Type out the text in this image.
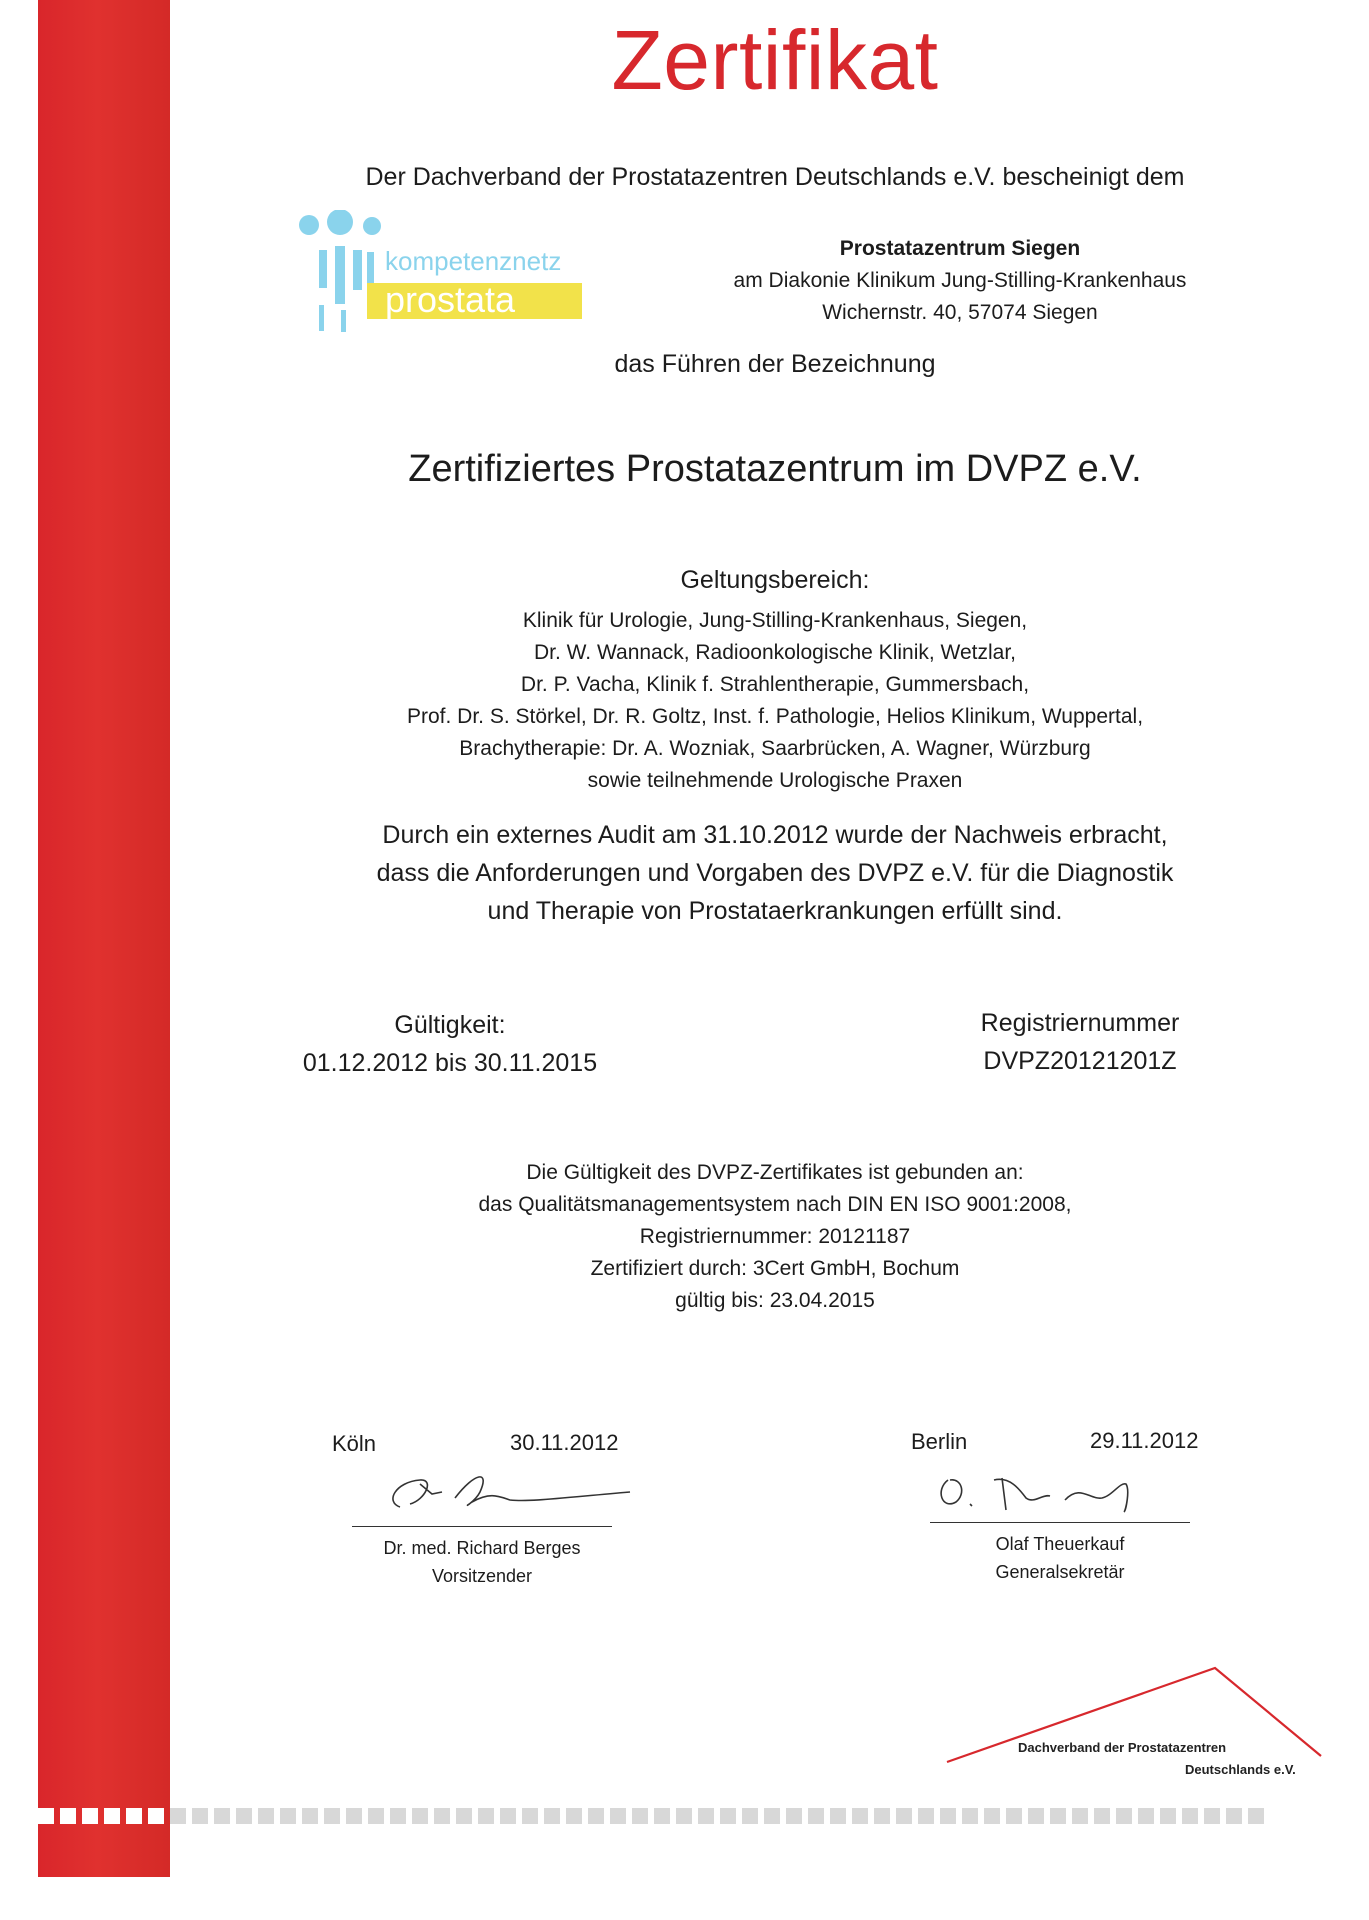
Zertifikat
Der Dachverband der Prostatazentren Deutschlands e.V. bescheinigt dem
kompetenznetz
prostata
Prostatazentrum Siegen
am Diakonie Klinikum Jung-Stilling-Krankenhaus
Wichernstr. 40, 57074 Siegen
das Führen der Bezeichnung
Zertifiziertes Prostatazentrum im DVPZ e.V.
Geltungsbereich:
Klinik für Urologie, Jung-Stilling-Krankenhaus, Siegen,
Dr. W. Wannack, Radioonkologische Klinik, Wetzlar,
Dr. P. Vacha, Klinik f. Strahlentherapie, Gummersbach,
Prof. Dr. S. Störkel, Dr. R. Goltz, Inst. f. Pathologie, Helios Klinikum, Wuppertal,
Brachytherapie: Dr. A. Wozniak, Saarbrücken, A. Wagner, Würzburg
sowie teilnehmende Urologische Praxen
Durch ein externes Audit am 31.10.2012 wurde der Nachweis erbracht,
dass die Anforderungen und Vorgaben des DVPZ e.V. für die Diagnostik
und Therapie von Prostataerkrankungen erfüllt sind.
Gültigkeit:
01.12.2012 bis 30.11.2015
Registriernummer
DVPZ20121201Z
Die Gültigkeit des DVPZ-Zertifikates ist gebunden an:
das Qualitätsmanagementsystem nach DIN EN ISO 9001:2008,
Registriernummer: 20121187
Zertifiziert durch: 3Cert GmbH, Bochum
gültig bis: 23.04.2015
Köln	30.11.2012
Dr. med. Richard Berges
Vorsitzender
Berlin	29.11.2012
Olaf Theuerkauf
Generalsekretär
Dachverband der Prostatazentren
Deutschlands e.V.
